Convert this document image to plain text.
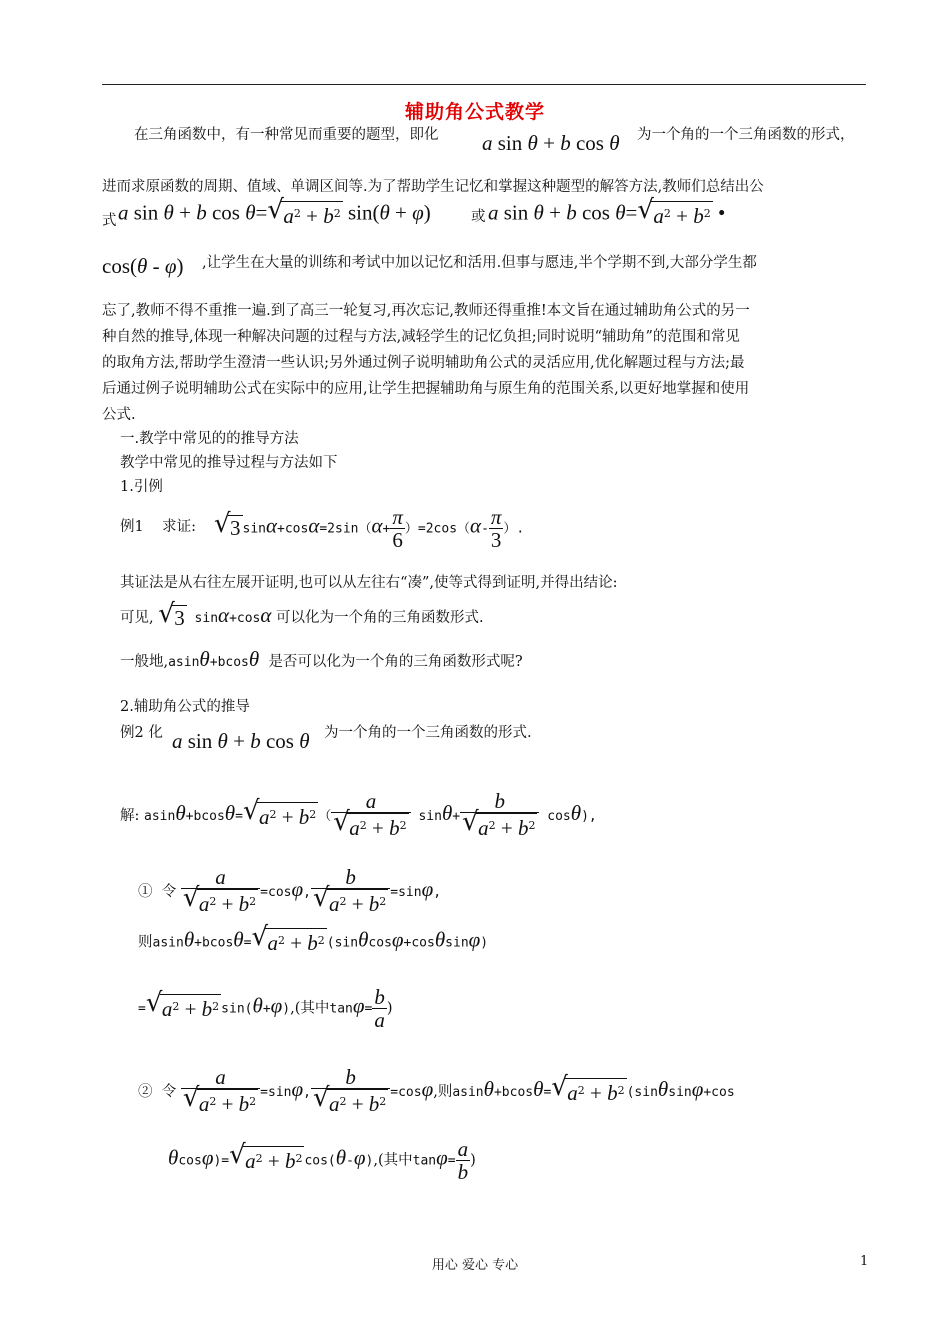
辅助角公式教学
在三角函数中，有一种常见而重要的题型，即化 a sin θ + b cos θ 为一个角的一个三角函数的形式，
进而求原函数的周期、值域、单调区间等.为了帮助学生记忆和掌握这种题型的解答方法,教师们总结出公
式 a sin θ + b cos θ= √ $a^2 + b^2$ sin(θ + φ)	或 a sin θ + b cos θ= √ $a^2 + b^2$ •
cos(θ - φ) ,让学生在大量的训练和考试中加以记忆和活用.但事与愿违,半个学期不到,大部分学生都
忘了,教师不得不重推一遍.到了高三一轮复习,再次忘记,教师还得重推!本文旨在通过辅助角公式的另一
种自然的推导,体现一种解决问题的过程与方法,减轻学生的记忆负担;同时说明“辅助角”的范围和常见
的取角方法,帮助学生澄清一些认识;另外通过例子说明辅助角公式的灵活应用,优化解题过程与方法;最
后通过例子说明辅助公式在实际中的应用,让学生把握辅助角与原生角的范围关系,以更好地掌握和使用
公式.
一.教学中常见的的推导方法
教学中常见的推导过程与方法如下
1.引例
例1 求证: √ 3 $\sin\alpha+\cos\alpha=2\sin(\alpha+ \frac{\pi}{6} )=2\cos(\alpha- \frac{\pi}{3}$ ）.
其证法是从右往左展开证明,也可以从左往右“凑”,使等式得到证明,并得出结论:
可见, √ 3 sinα+cosα 可以化为一个角的三角函数形式.
一般地,asinθ+bcosθ 是否可以化为一个角的三角函数形式呢?
2.辅助角公式的推导
例2 化 a sin θ + b cos θ 为一个角的一个三角函数的形式.
解: asinθ+bcosθ= √ $a^2 + b^2$ （ $\frac{a}{√ a^2 + b^2} \sin\theta+ \frac{b}{√ a^2 + b^2} \cos\theta$),
① 令 $\frac{a}{√ a^2 + b^2} =\cos\varphi$, $\frac{b}{√ a^2 + b^2} =\sin\varphi$,
则asinθ+bcosθ= √ $a^2 + b^2$ (sinθcosφ+cosθsinφ)
= √ $a^2 + b^2$ sin(θ+φ),(其中$\tan\varphi= \frac{b}{a}$ )
② 令 $\frac{a}{√ a^2 + b^2} =\sin\varphi$, $\frac{b}{√ a^2 + b^2} =\cos\varphi$,则asinθ+bcosθ= √ $a^2 + b^2$ (sinθsinφ+cos
θcosφ)= √ $a^2 + b^2$ cos(θ-φ),(其中$\tan\varphi= \frac{a}{b}$ )
用心 爱心 专心	1
